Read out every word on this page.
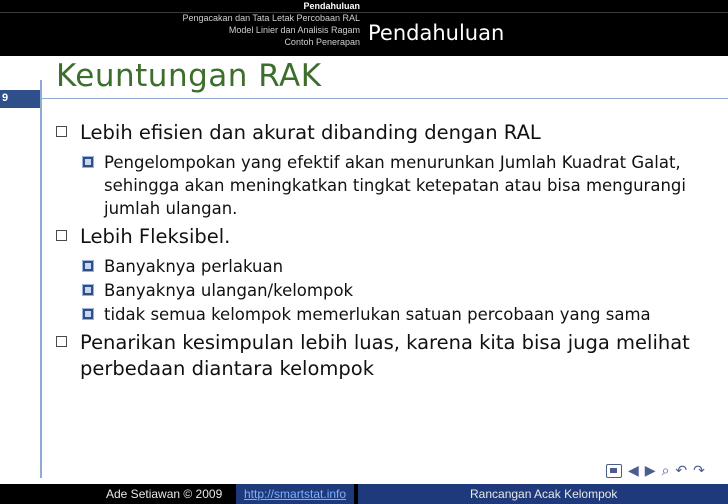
Pendahuluan
Pengacakan dan Tata Letak Percobaan RAL
Model Linier dan Analisis Ragam
Contoh Penerapan Pendahuluan
Keuntungan RAK
9
Lebih efisien dan akurat dibanding dengan RAL
Pengelompokan yang efektif akan menurunkan Jumlah Kuadrat Galat, sehingga akan meningkatkan tingkat ketepatan atau bisa mengurangi jumlah ulangan.
Lebih Fleksibel.
Banyaknya perlakuan
Banyaknya ulangan/kelompok
tidak semua kelompok memerlukan satuan percobaan yang sama
Penarikan kesimpulan lebih luas, karena kita bisa juga melihat perbedaan diantara kelompok
◀ ▶ ⌕ ↶ ↷
Ade Setiawan © 2009 http://smartstat.info	Rancangan Acak Kelompok
